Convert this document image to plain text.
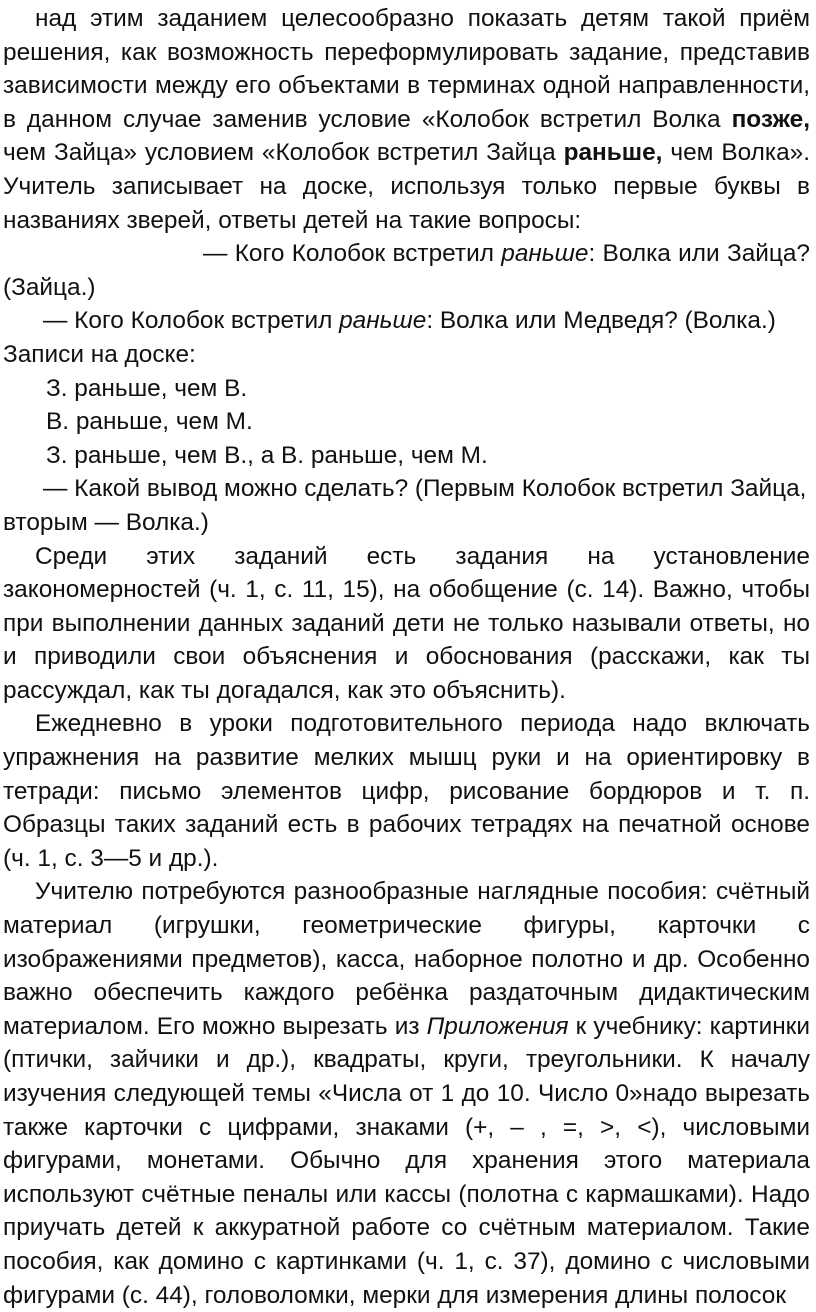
над этим заданием целесообразно показать детям такой приём решения, как возможность переформулировать задание, представив зависимости между его объектами в терминах одной направленности, в данном случае заменив условие «Колобок встретил Волка позже, чем Зайца» условием «Колобок встретил Зайца раньше, чем Волка». Учитель записывает на доске, используя только первые буквы в названиях зверей, ответы детей на такие вопросы:

— Кого Колобок встретил раньше: Волка или Зайца? (Зайца.)

— Кого Колобок встретил раньше: Волка или Медведя? (Волка.) Записи на доске:

З. раньше, чем В.

В. раньше, чем М.

З. раньше, чем В., а В. раньше, чем М.

— Какой вывод можно сделать? (Первым Колобок встретил Зайца, вторым — Волка.)

Среди этих заданий есть задания на установление закономерностей (ч. 1, с. 11, 15), на обобщение (с. 14). Важно, чтобы при выполнении данных заданий дети не только называли ответы, но и приводили свои объяснения и обоснования (расскажи, как ты рассуждал, как ты догадался, как это объяснить).

Ежедневно в уроки подготовительного периода надо включать упражнения на развитие мелких мышц руки и на ориентировку в тетради: письмо элементов цифр, рисование бордюров и т. п. Образцы таких заданий есть в рабочих тетрадях на печатной основе (ч. 1, с. 3—5 и др.).

Учителю потребуются разнообразные наглядные пособия: счётный материал (игрушки, геометрические фигуры, карточки с изображениями предметов), касса, наборное полотно и др. Особенно важно обеспечить каждого ребёнка раздаточным дидактическим материалом. Его можно вырезать из Приложения к учебнику: картинки (птички, зайчики и др.), квадраты, круги, треугольники. К началу изучения следующей темы «Числа от 1 до 10. Число 0»надо вырезать также карточки с цифрами, знаками (+, – , =, >, <), числовыми фигурами, монетами. Обычно для хранения этого материала используют счётные пеналы или кассы (полотна с кармашками). Надо приучать детей к аккуратной работе со счётным материалом. Такие пособия, как домино с картинками (ч. 1, с. 37), домино с числовыми фигурами (с. 44), головоломки, мерки для измерения длины полосок
